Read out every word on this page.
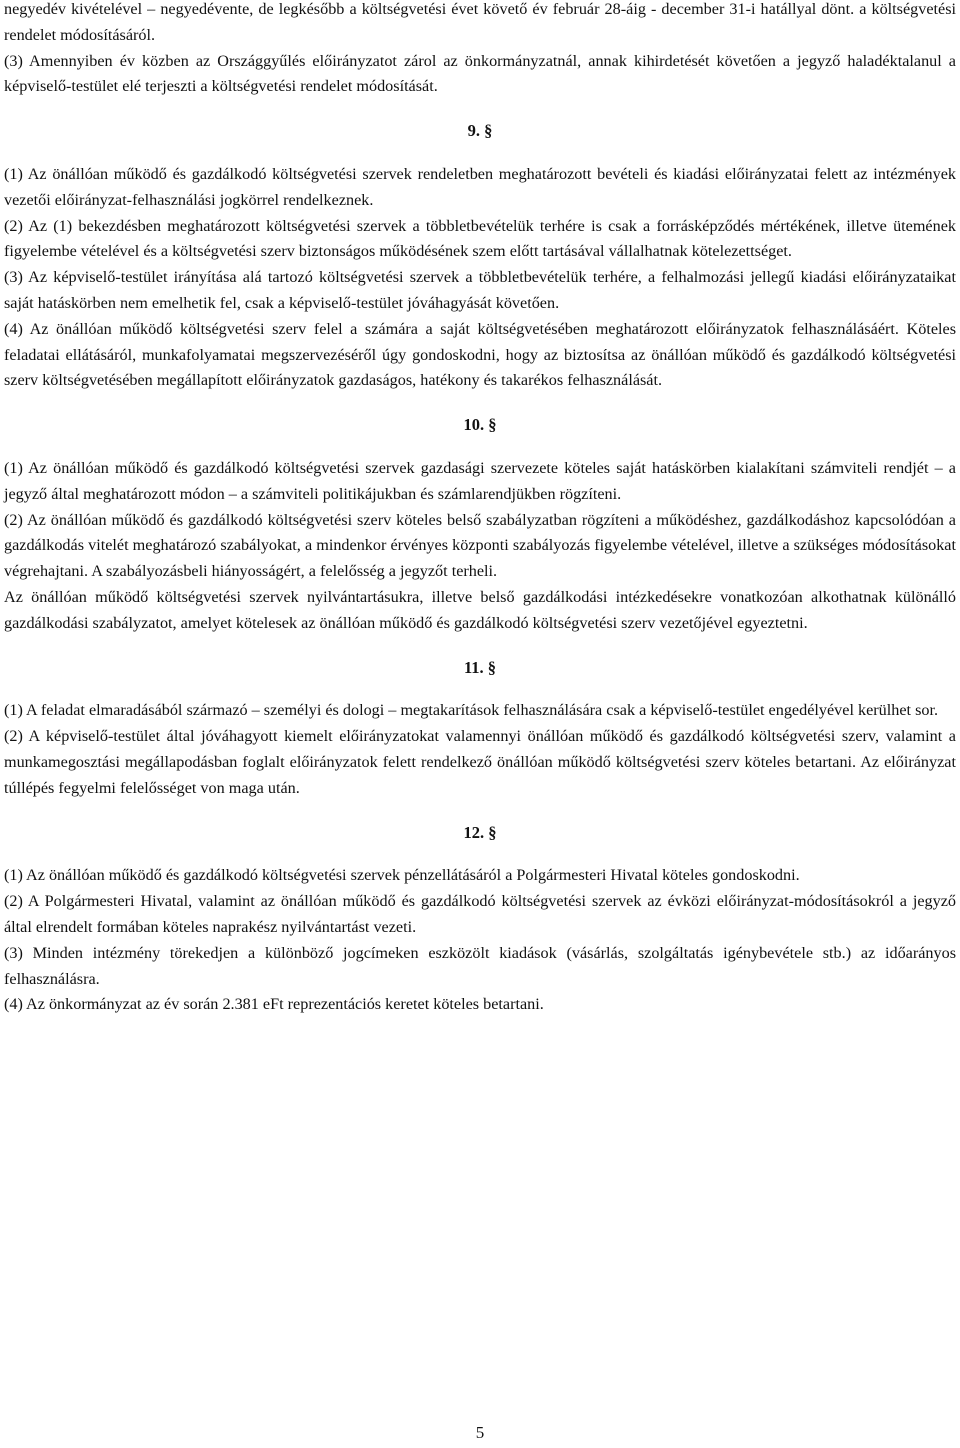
negyedév kivételével – negyedévente, de legkésőbb a költségvetési évet követő év február 28-áig - december 31-i hatállyal dönt. a költségvetési rendelet módosításáról.

(3) Amennyiben év közben az Országgyűlés előirányzatot zárol az önkormányzatnál, annak kihirdetését követően a jegyző haladéktalanul a képviselő-testület elé terjeszti a költségvetési rendelet módosítását.

9. §

(1) Az önállóan működő és gazdálkodó költségvetési szervek rendeletben meghatározott bevételi és kiadási előirányzatai felett az intézmények vezetői előirányzat-felhasználási jogkörrel rendelkeznek.

(2) Az (1) bekezdésben meghatározott költségvetési szervek a többletbevételük terhére is csak a forrásképződés mértékének, illetve ütemének figyelembe vételével és a költségvetési szerv biztonságos működésének szem előtt tartásával vállalhatnak kötelezettséget.

(3) Az képviselő-testület irányítása alá tartozó költségvetési szervek a többletbevételük terhére, a felhalmozási jellegű kiadási előirányzataikat saját hatáskörben nem emelhetik fel, csak a képviselő-testület jóváhagyását követően.

(4) Az önállóan működő költségvetési szerv felel a számára a saját költségvetésében meghatározott előirányzatok felhasználásáért. Köteles feladatai ellátásáról, munkafolyamatai megszervezéséről úgy gondoskodni, hogy az biztosítsa az önállóan működő és gazdálkodó költségvetési szerv költségvetésében megállapított előirányzatok gazdaságos, hatékony és takarékos felhasználását.

10. §

(1) Az önállóan működő és gazdálkodó költségvetési szervek gazdasági szervezete köteles saját hatáskörben kialakítani számviteli rendjét – a jegyző által meghatározott módon – a számviteli politikájukban és számlarendjükben rögzíteni.

(2) Az önállóan működő és gazdálkodó költségvetési szerv köteles belső szabályzatban rögzíteni a működéshez, gazdálkodáshoz kapcsolódóan a gazdálkodás vitelét meghatározó szabályokat, a mindenkor érvényes központi szabályozás figyelembe vételével, illetve a szükséges módosításokat végrehajtani. A szabályozásbeli hiányosságért, a felelősség a jegyzőt terheli.

Az önállóan működő költségvetési szervek nyilvántartásukra, illetve belső gazdálkodási intézkedésekre vonatkozóan alkothatnak különálló gazdálkodási szabályzatot, amelyet kötelesek az önállóan működő és gazdálkodó költségvetési szerv vezetőjével egyeztetni.

11. §

(1) A feladat elmaradásából származó – személyi és dologi – megtakarítások felhasználására csak a képviselő-testület engedélyével kerülhet sor.

(2) A képviselő-testület által jóváhagyott kiemelt előirányzatokat valamennyi önállóan működő és gazdálkodó költségvetési szerv, valamint a munkamegosztási megállapodásban foglalt előirányzatok felett rendelkező önállóan működő költségvetési szerv köteles betartani. Az előirányzat túllépés fegyelmi felelősséget von maga után.

12. §

(1) Az önállóan működő és gazdálkodó költségvetési szervek pénzellátásáról a Polgármesteri Hivatal köteles gondoskodni.

(2) A Polgármesteri Hivatal, valamint az önállóan működő és gazdálkodó költségvetési szervek az évközi előirányzat-módosításokról a jegyző által elrendelt formában köteles naprakész nyilvántartást vezeti.

(3) Minden intézmény törekedjen a különböző jogcímeken eszközölt kiadások (vásárlás, szolgáltatás igénybevétele stb.) az időarányos felhasználásra.

(4) Az önkormányzat az év során 2.381 eFt reprezentációs keretet köteles betartani.

5
